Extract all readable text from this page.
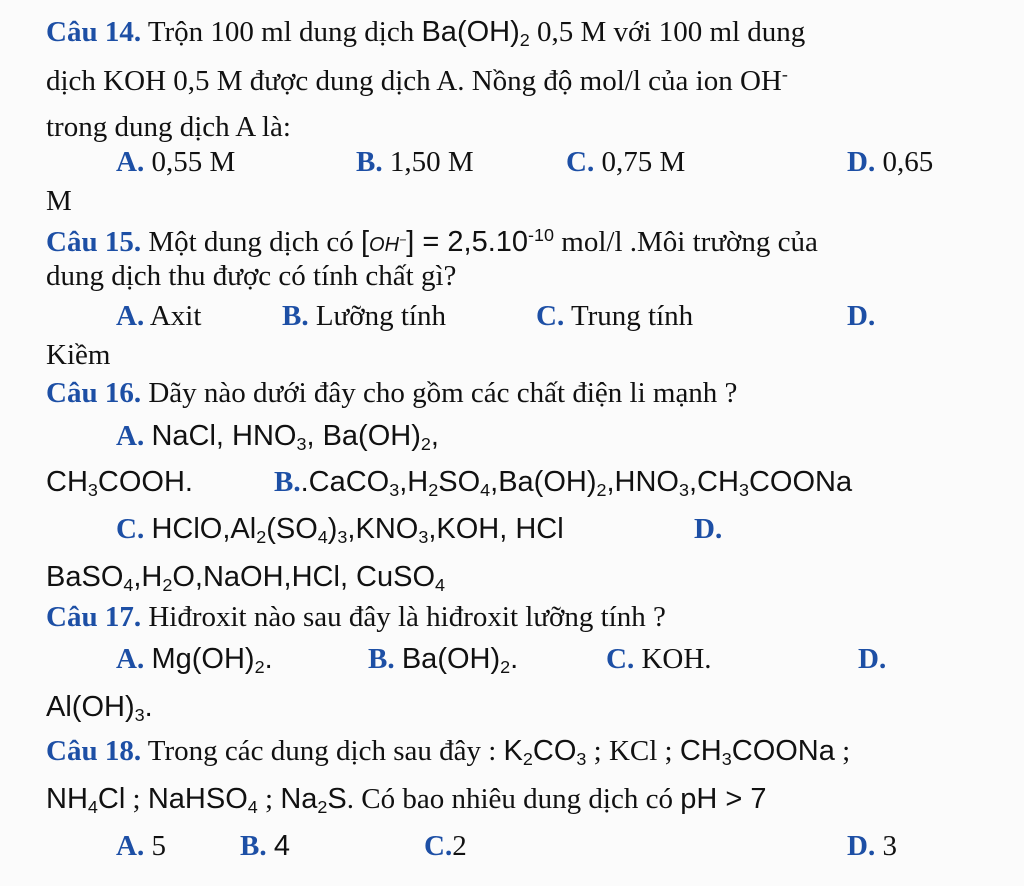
Câu 14. Trộn 100 ml dung dịch $Ba(OH)_2$ 0,5 M với 100 ml dung
dịch KOH 0,5 M được dung dịch A. Nồng độ mol/l của ion OH-
trong dung dịch A là:
A. 0,55 M	B. 1,50 M	C. 0,75 M	D. 0,65
M
Câu 15. Một dung dịch có $[OH^-] = 2,5.10^{-10}$ mol/l .Môi trường của
dung dịch thu được có tính chất gì?
A. Axit	B. Lưỡng tính	C. Trung tính	D.
Kiềm
Câu 16. Dãy nào dưới đây cho gồm các chất điện li mạnh ?
A. NaCl, $HNO_3$, $Ba(OH)_2$,
$CH_3COOH$.	$B..CaCO_3,H_2SO_4,Ba(OH)_2,HNO_3,CH_3COONa$
C. $HClO,Al_2(SO_4)_3,KNO_3,KOH$, HCl	D.
$BaSO_4,H_2O,NaOH,HCl$, CuSO$_4$
Câu 17. Hiđroxit nào sau đây là hiđroxit lưỡng tính ?
A. $Mg(OH)_2$.	B. $Ba(OH)_2$.	C. KOH.	D.
$Al(OH)_3$.
Câu 18. Trong các dung dịch sau đây : $K_2CO_3$ ; KCl ; $CH_3COONa$ ;
$NH_4Cl$ ; NaHSO$_4$ ; $Na_2S$. Có bao nhiêu dung dịch có pH > 7
A. 5	B. 4	C.2	D. 3
